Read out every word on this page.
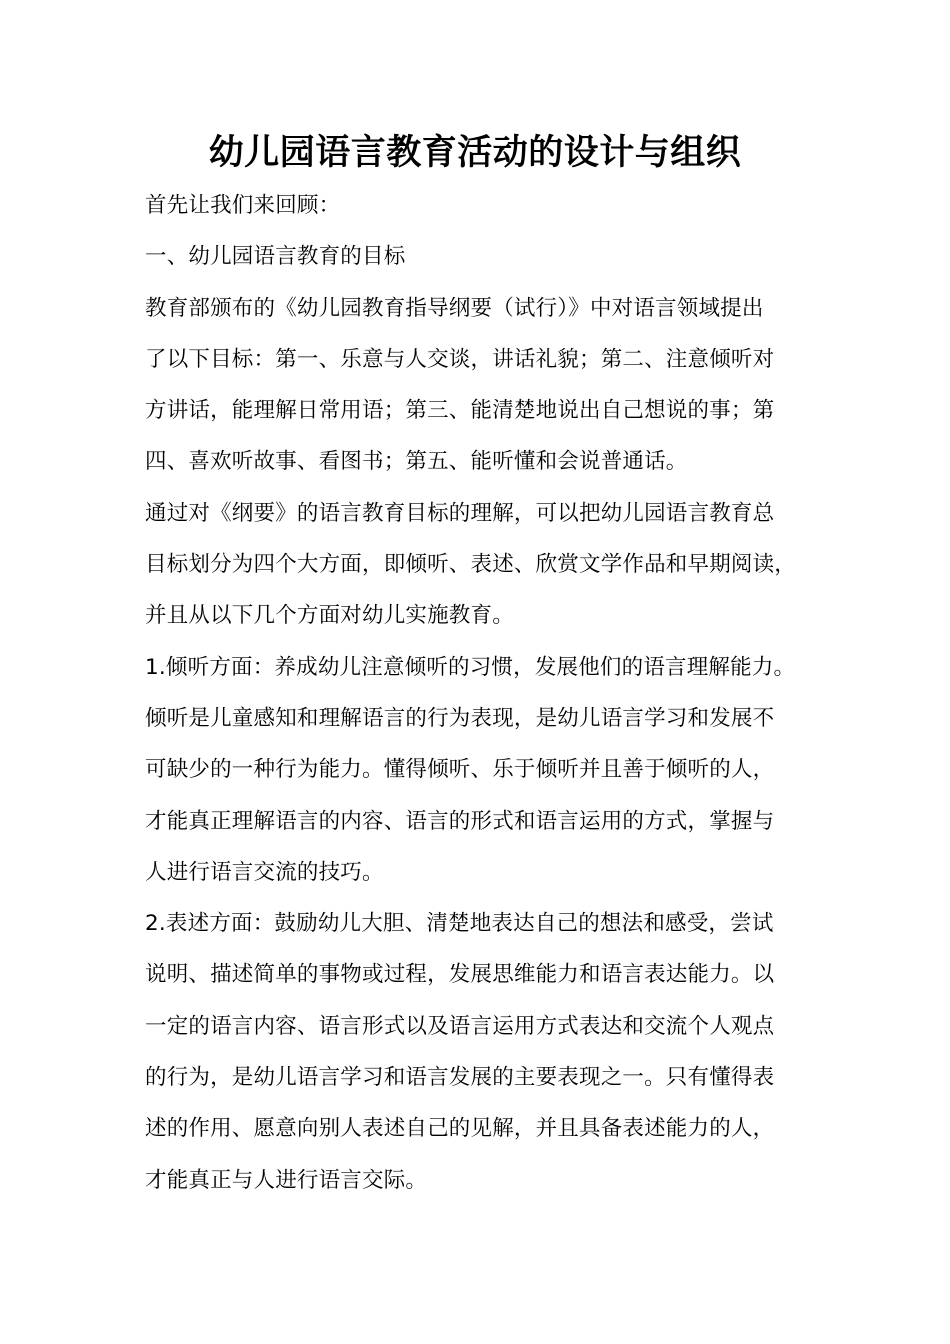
幼儿园语言教育活动的设计与组织
首先让我们来回顾：
一、幼儿园语言教育的目标
教育部颁布的《幼儿园教育指导纲要（试行）》中对语言领域提出
了以下目标：第一、乐意与人交谈，讲话礼貌；第二、注意倾听对
方讲话，能理解日常用语；第三、能清楚地说出自己想说的事；第
四、喜欢听故事、看图书；第五、能听懂和会说普通话。
通过对《纲要》的语言教育目标的理解，可以把幼儿园语言教育总
目标划分为四个大方面，即倾听、表述、欣赏文学作品和早期阅读，
并且从以下几个方面对幼儿实施教育。
1.倾听方面：养成幼儿注意倾听的习惯，发展他们的语言理解能力。
倾听是儿童感知和理解语言的行为表现，是幼儿语言学习和发展不
可缺少的一种行为能力。懂得倾听、乐于倾听并且善于倾听的人，
才能真正理解语言的内容、语言的形式和语言运用的方式，掌握与
人进行语言交流的技巧。
2.表述方面：鼓励幼儿大胆、清楚地表达自己的想法和感受，尝试
说明、描述简单的事物或过程，发展思维能力和语言表达能力。以
一定的语言内容、语言形式以及语言运用方式表达和交流个人观点
的行为，是幼儿语言学习和语言发展的主要表现之一。只有懂得表
述的作用、愿意向别人表述自己的见解，并且具备表述能力的人，
才能真正与人进行语言交际。
